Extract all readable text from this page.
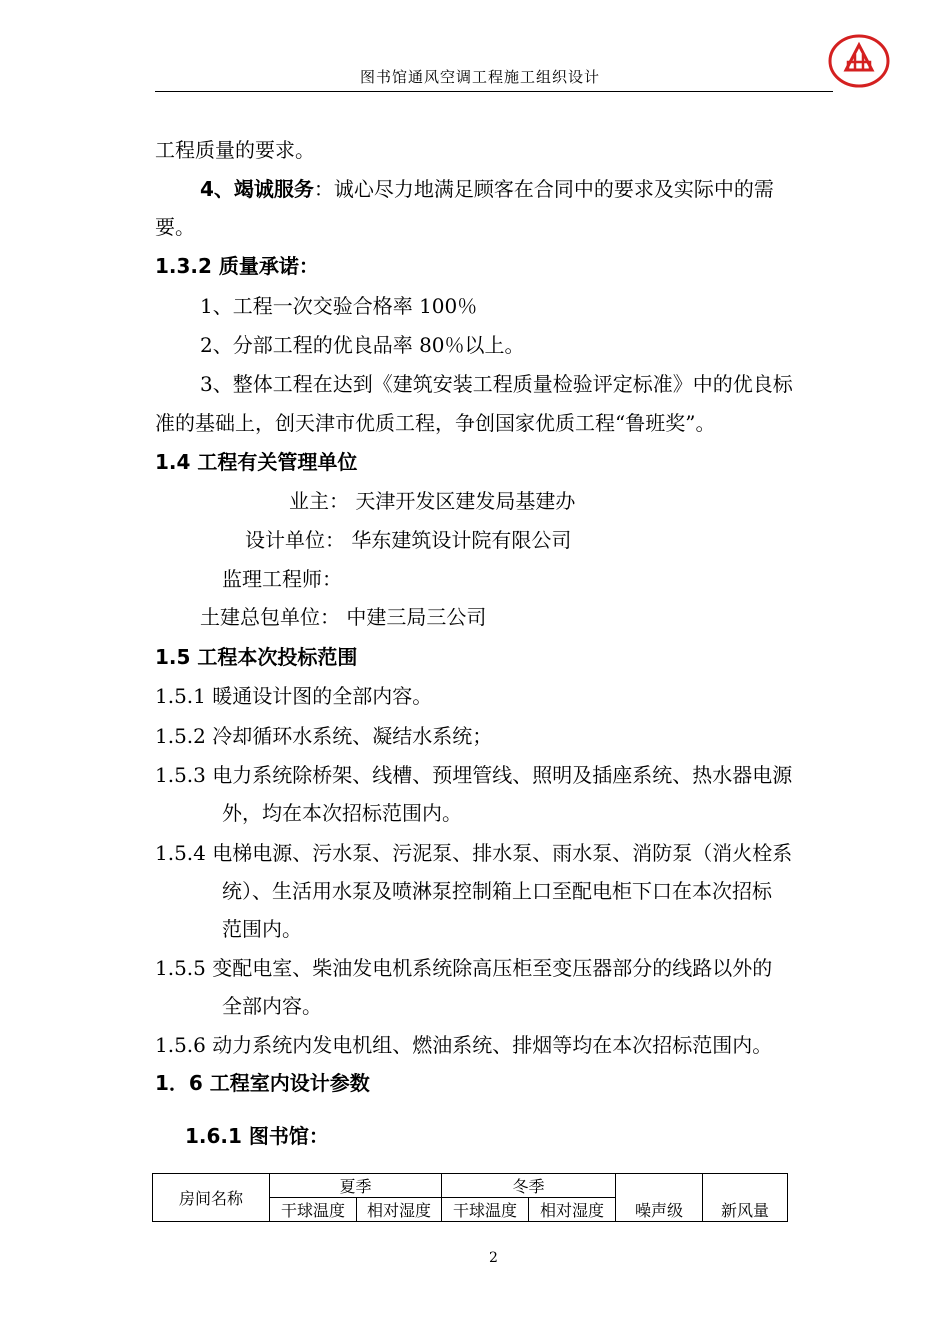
图书馆通风空调工程施工组织设计
工程质量的要求。
4、竭诚服务：诚心尽力地满足顾客在合同中的要求及实际中的需
要。
1.3.2 质量承诺：
1、工程一次交验合格率 100％
2、分部工程的优良品率 80％以上。
3、整体工程在达到《建筑安装工程质量检验评定标准》中的优良标
准的基础上，创天津市优质工程，争创国家优质工程“鲁班奖”。
1.4 工程有关管理单位
业主： 天津开发区建发局基建办
设计单位： 华东建筑设计院有限公司
监理工程师：
土建总包单位： 中建三局三公司
1.5 工程本次投标范围
1.5.1 暖通设计图的全部内容。
1.5.2 冷却循环水系统、凝结水系统；
1.5.3 电力系统除桥架、线槽、预埋管线、照明及插座系统、热水器电源
外，均在本次招标范围内。
1.5.4 电梯电源、污水泵、污泥泵、排水泵、雨水泵、消防泵（消火栓系
统）、生活用水泵及喷淋泵控制箱上口至配电柜下口在本次招标
范围内。
1.5.5 变配电室、柴油发电机系统除高压柜至变压器部分的线路以外的
全部内容。
1.5.6 动力系统内发电机组、燃油系统、排烟等均在本次招标范围内。
1．6 工程室内设计参数
1.6.1 图书馆：
房间名称	夏季		冬季		噪声级	新风量
	干球温度	相对湿度	干球温度	相对湿度		
2
